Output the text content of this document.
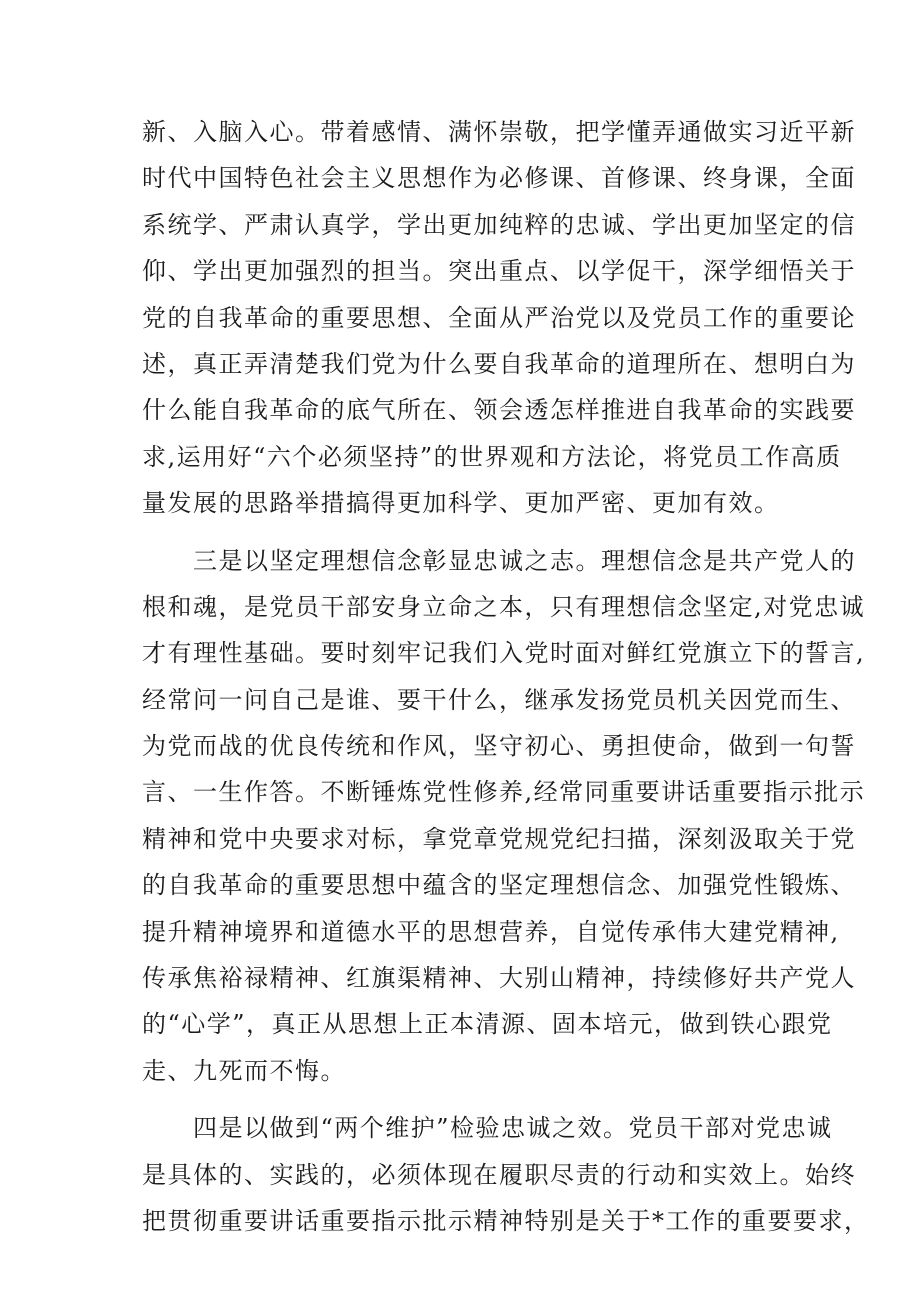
新、入脑入心。带着感情、满怀崇敬，把学懂弄通做实习近平新
时代中国特色社会主义思想作为必修课、首修课、终身课，全面
系统学、严肃认真学，学出更加纯粹的忠诚、学出更加坚定的信
仰、学出更加强烈的担当。突出重点、以学促干，深学细悟关于
党的自我革命的重要思想、全面从严治党以及党员工作的重要论
述，真正弄清楚我们党为什么要自我革命的道理所在、想明白为
什么能自我革命的底气所在、领会透怎样推进自我革命的实践要
求,运用好“六个必须坚持”的世界观和方法论，将党员工作高质
量发展的思路举措搞得更加科学、更加严密、更加有效。
　　三是以坚定理想信念彰显忠诚之志。理想信念是共产党人的
根和魂，是党员干部安身立命之本，只有理想信念坚定,对党忠诚
才有理性基础。要时刻牢记我们入党时面对鲜红党旗立下的誓言,
经常问一问自己是谁、要干什么，继承发扬党员机关因党而生、
为党而战的优良传统和作风，坚守初心、勇担使命，做到一句誓
言、一生作答。不断锤炼党性修养,经常同重要讲话重要指示批示
精神和党中央要求对标，拿党章党规党纪扫描，深刻汲取关于党
的自我革命的重要思想中蕴含的坚定理想信念、加强党性锻炼、
提升精神境界和道德水平的思想营养，自觉传承伟大建党精神,
传承焦裕禄精神、红旗渠精神、大别山精神，持续修好共产党人
的“心学”，真正从思想上正本清源、固本培元，做到铁心跟党
走、九死而不悔。
　　四是以做到“两个维护”检验忠诚之效。党员干部对党忠诚
是具体的、实践的，必须体现在履职尽责的行动和实效上。始终
把贯彻重要讲话重要指示批示精神特别是关于*工作的重要要求，
